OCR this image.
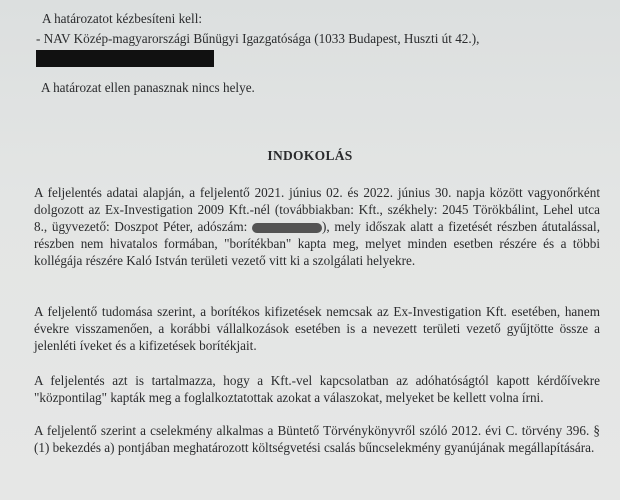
A határozatot kézbesíteni kell:
- NAV Közép-magyarországi Bűnügyi Igazgatósága (1033 Budapest, Huszti út 42.),
A határozat ellen panasznak nincs helye.
INDOKOLÁS
A feljelentés adatai alapján, a feljelentő 2021. június 02. és 2022. június 30. napja között vagyonőrként dolgozott az Ex-Investigation 2009 Kft.-nél (továbbiakban: Kft., székhely: 2045 Törökbálint, Lehel utca 8., ügyvezető: Doszpot Péter, adószám:	), mely időszak alatt a fizetését részben átutalással, részben nem hivatalos formában, "borítékban" kapta meg, melyet minden esetben részére és a többi kollégája részére Kaló István területi vezető vitt ki a szolgálati helyekre.
A feljelentő tudomása szerint, a borítékos kifizetések nemcsak az Ex-Investigation Kft. esetében, hanem évekre visszamenően, a korábbi vállalkozások esetében is a nevezett területi vezető gyűjtötte össze a jelenléti íveket és a kifizetések borítékjait.
A feljelentés azt is tartalmazza, hogy a Kft.-vel kapcsolatban az adóhatóságtól kapott kérdőívekre "központilag" kapták meg a foglalkoztatottak azokat a válaszokat, melyeket be kellett volna írni.
A feljelentő szerint a cselekmény alkalmas a Büntető Törvénykönyvről szóló 2012. évi C. törvény 396. § (1) bekezdés a) pontjában meghatározott költségvetési csalás bűncselekmény gyanújának megállapítására.
